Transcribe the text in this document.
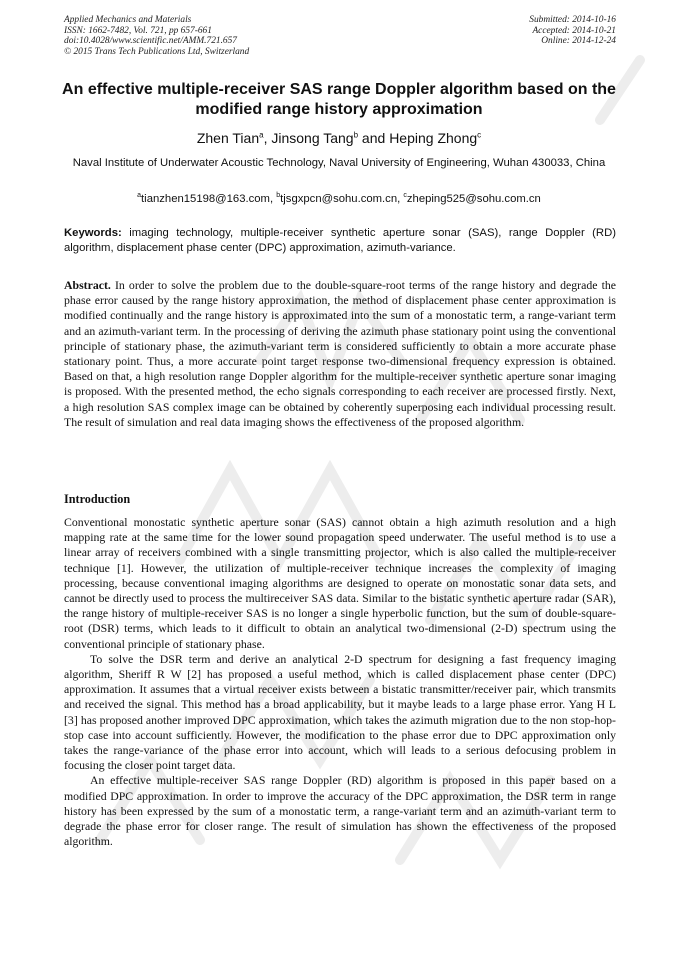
Applied Mechanics and Materials
ISSN: 1662-7482, Vol. 721, pp 657-661
doi:10.4028/www.scientific.net/AMM.721.657
© 2015 Trans Tech Publications Ltd, Switzerland
Submitted: 2014-10-16
Accepted: 2014-10-21
Online: 2014-12-24
An effective multiple-receiver SAS range Doppler algorithm based on the modified range history approximation
Zhen Tian$^a$, Jinsong Tang$^b$ and Heping Zhong$^c$
Naval Institute of Underwater Acoustic Technology, Naval University of Engineering, Wuhan 430033, China
$^a$tianzhen15198@163.com, $^b$tjsgxpcn@sohu.com.cn, $^c$zheping525@sohu.com.cn
Keywords: imaging technology, multiple-receiver synthetic aperture sonar (SAS), range Doppler (RD) algorithm, displacement phase center (DPC) approximation, azimuth-variance.
Abstract. In order to solve the problem due to the double-square-root terms of the range history and degrade the phase error caused by the range history approximation, the method of displacement phase center approximation is modified continually and the range history is approximated into the sum of a monostatic term, a range-variant term and an azimuth-variant term. In the processing of deriving the azimuth phase stationary point using the conventional principle of stationary phase, the azimuth-variant term is considered sufficiently to obtain a more accurate phase stationary point. Thus, a more accurate point target response two-dimensional frequency expression is obtained. Based on that, a high resolution range Doppler algorithm for the multiple-receiver synthetic aperture sonar imaging is proposed. With the presented method, the echo signals corresponding to each receiver are processed firstly. Next, a high resolution SAS complex image can be obtained by coherently superposing each individual processing result. The result of simulation and real data imaging shows the effectiveness of the proposed algorithm.
Introduction

Conventional monostatic synthetic aperture sonar (SAS) cannot obtain a high azimuth resolution and a high mapping rate at the same time for the lower sound propagation speed underwater. The useful method is to use a linear array of receivers combined with a single transmitting projector, which is also called the multiple-receiver technique [1]. However, the utilization of multiple-receiver technique increases the complexity of imaging processing, because conventional imaging algorithms are designed to operate on monostatic sonar data sets, and cannot be directly used to process the multireceiver SAS data. Similar to the bistatic synthetic aperture radar (SAR), the range history of multiple-receiver SAS is no longer a single hyperbolic function, but the sum of double-square-root (DSR) terms, which leads to it difficult to obtain an analytical two-dimensional (2-D) spectrum using the conventional principle of stationary phase.

To solve the DSR term and derive an analytical 2-D spectrum for designing a fast frequency imaging algorithm, Sheriff R W [2] has proposed a useful method, which is called displacement phase center (DPC) approximation. It assumes that a virtual receiver exists between a bistatic transmitter/receiver pair, which transmits and received the signal. This method has a broad applicability, but it maybe leads to a large phase error. Yang H L [3] has proposed another improved DPC approximation, which takes the azimuth migration due to the non stop-hop-stop case into account sufficiently. However, the modification to the phase error due to DPC approximation only takes the range-variance of the phase error into account, which will leads to a serious defocusing problem in focusing the closer point target data.

An effective multiple-receiver SAS range Doppler (RD) algorithm is proposed in this paper based on a modified DPC approximation. In order to improve the accuracy of the DPC approximation, the DSR term in range history has been expressed by the sum of a monostatic term, a range-variant term and an azimuth-variant term to degrade the phase error for closer range. The result of simulation has shown the effectiveness of the proposed algorithm.
